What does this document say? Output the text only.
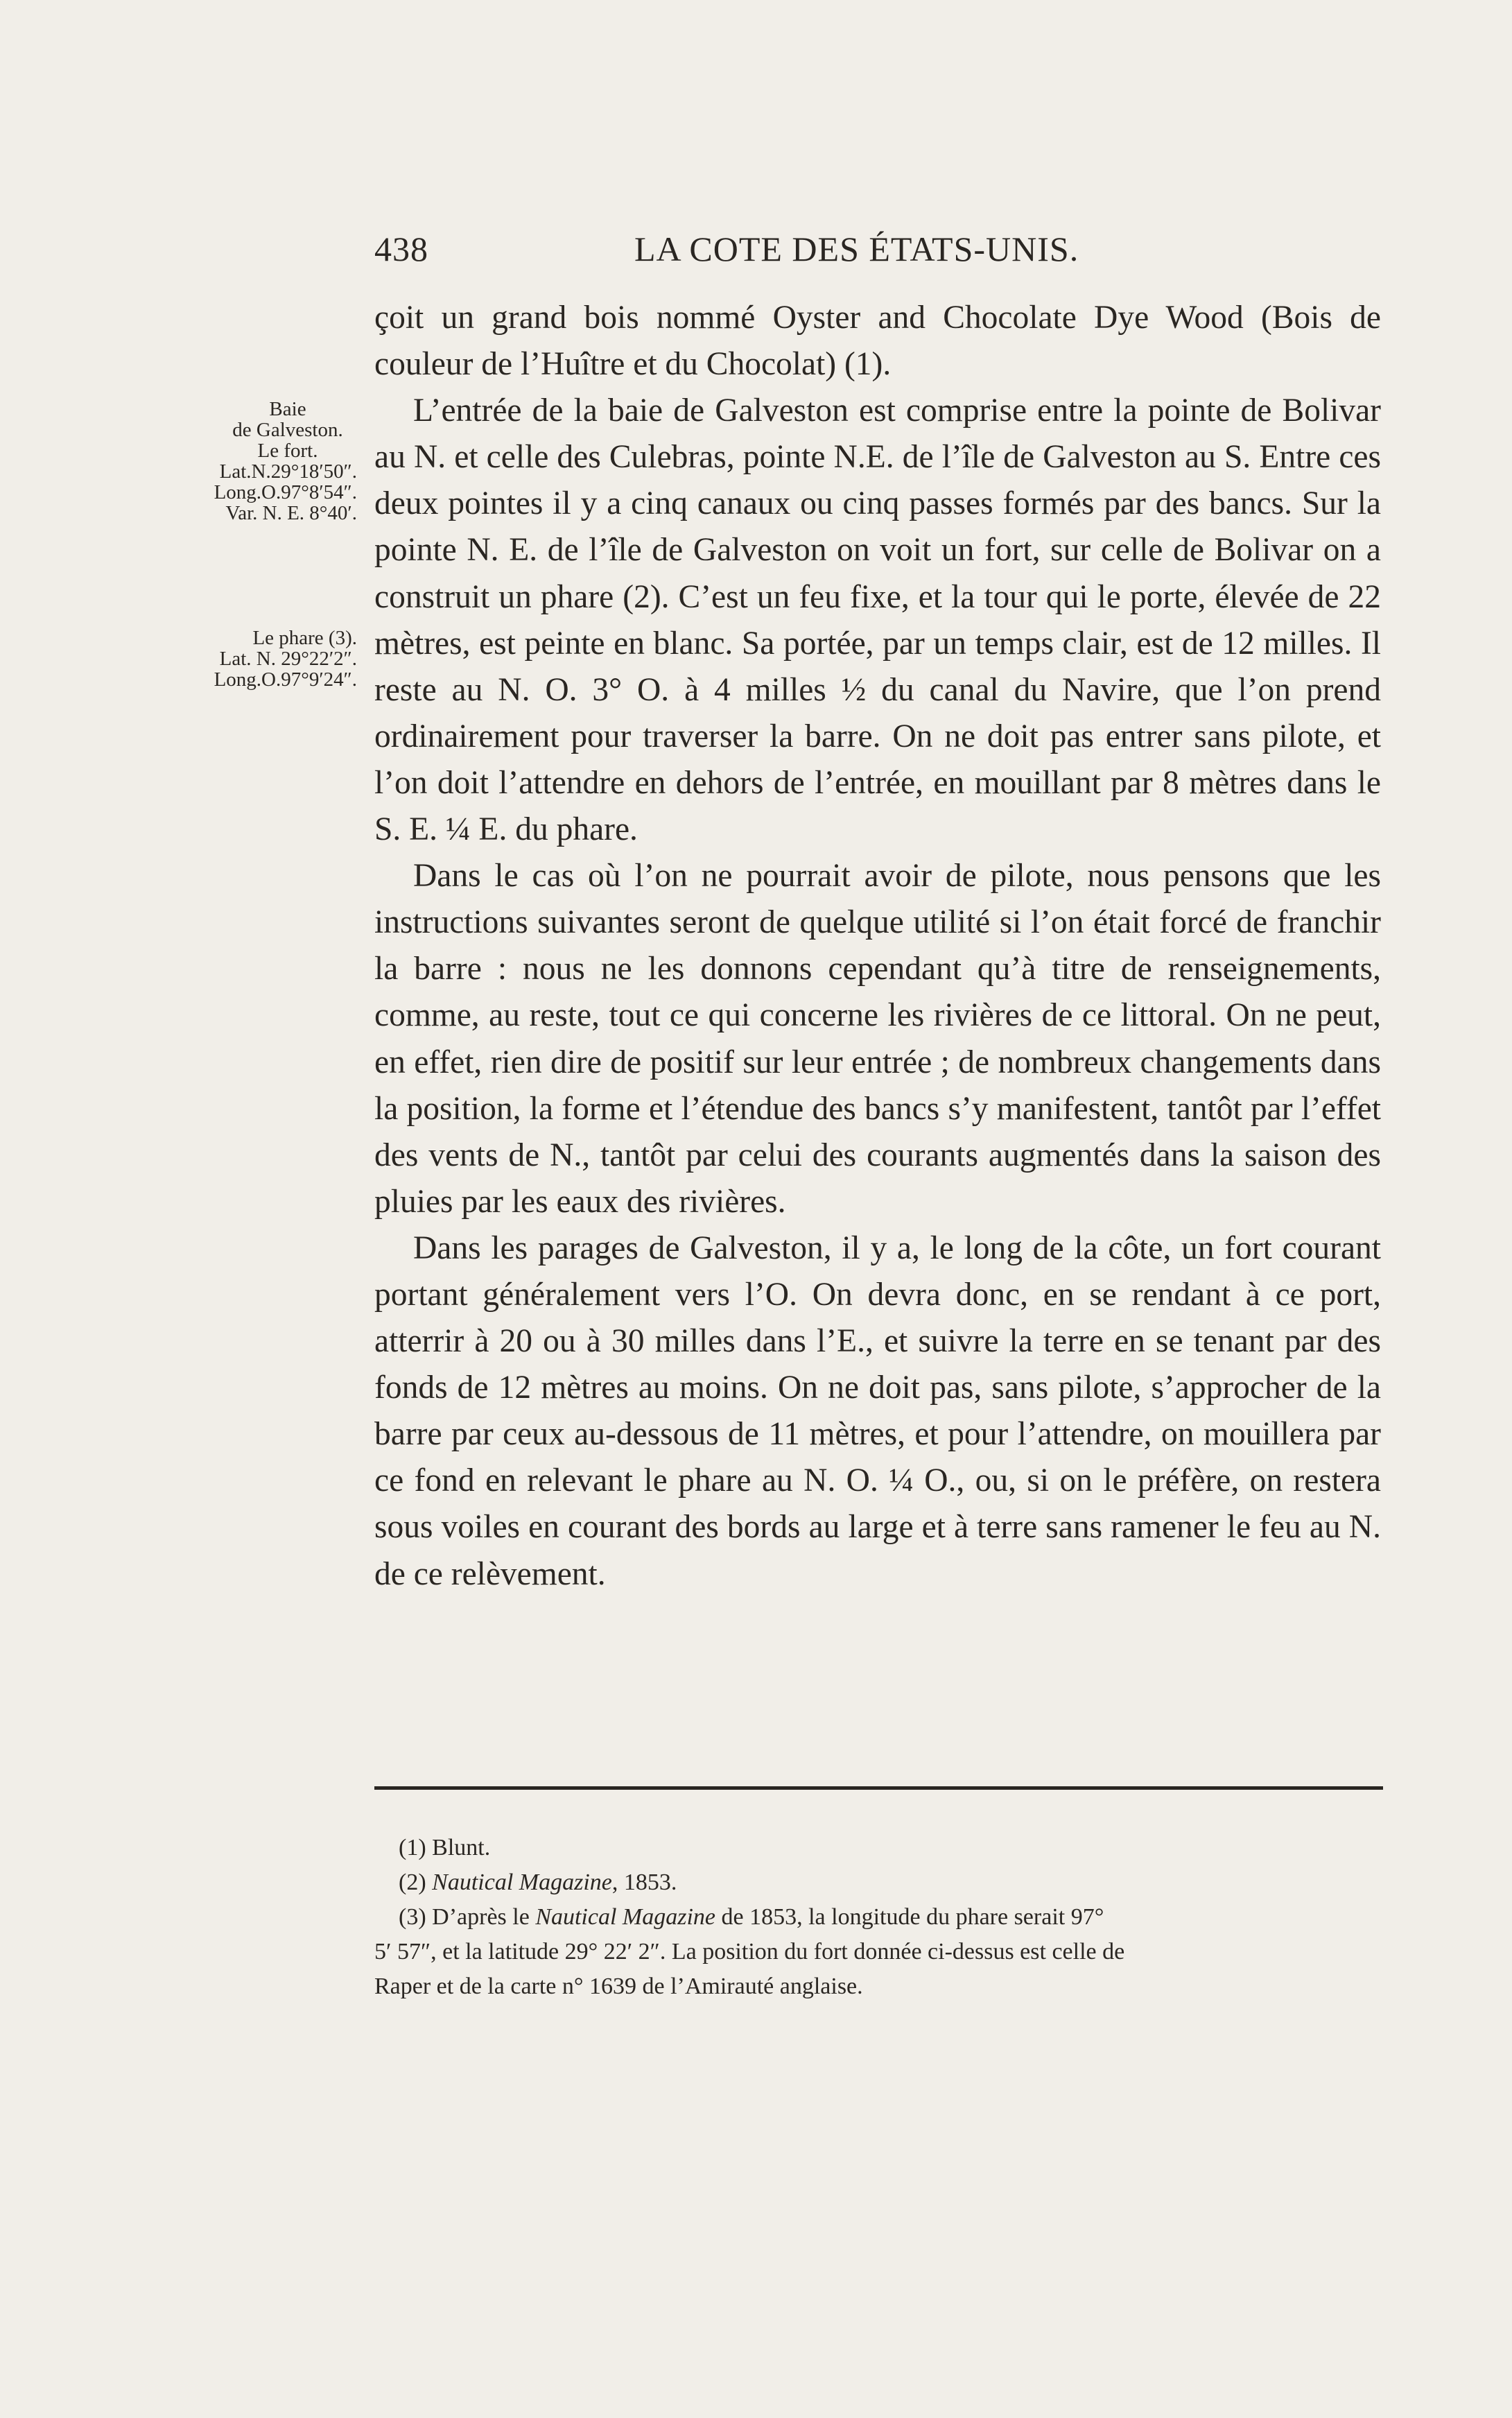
438	LA COTE DES ÉTATS-UNIS.
Baie
de Galveston.
Le fort.
Lat.N.29°18′50″.
Long.O.97°8′54″.
Var. N. E. 8°40′.
Le phare (3).
Lat. N. 29°22′2″.
Long.O.97°9′24″.

çoit un grand bois nommé Oyster and Chocolate Dye Wood (Bois de couleur de l’Huître et du Chocolat) (1).

L’entrée de la baie de Galveston est comprise entre la pointe de Bolivar au N. et celle des Culebras, pointe N.E. de l’île de Galveston au S. Entre ces deux pointes il y a cinq canaux ou cinq passes formés par des bancs. Sur la pointe N. E. de l’île de Galveston on voit un fort, sur celle de Bolivar on a construit un phare (2). C’est un feu fixe, et la tour qui le porte, élevée de 22 mètres, est peinte en blanc. Sa portée, par un temps clair, est de 12 milles. Il reste au N. O. 3° O. à 4 milles ½ du canal du Navire, que l’on prend ordinairement pour traverser la barre. On ne doit pas entrer sans pilote, et l’on doit l’attendre en dehors de l’entrée, en mouillant par 8 mètres dans le S. E. ¼ E. du phare.

Dans le cas où l’on ne pourrait avoir de pilote, nous pensons que les instructions suivantes seront de quelque utilité si l’on était forcé de franchir la barre : nous ne les donnons cependant qu’à titre de renseignements, comme, au reste, tout ce qui concerne les rivières de ce littoral. On ne peut, en effet, rien dire de positif sur leur entrée ; de nombreux changements dans la position, la forme et l’étendue des bancs s’y manifestent, tantôt par l’effet des vents de N., tantôt par celui des courants augmentés dans la saison des pluies par les eaux des rivières.

Dans les parages de Galveston, il y a, le long de la côte, un fort courant portant généralement vers l’O. On devra donc, en se rendant à ce port, atterrir à 20 ou à 30 milles dans l’E., et suivre la terre en se tenant par des fonds de 12 mètres au moins. On ne doit pas, sans pilote, s’approcher de la barre par ceux au-dessous de 11 mètres, et pour l’attendre, on mouillera par ce fond en relevant le phare au N. O. ¼ O., ou, si on le préfère, on restera sous voiles en courant des bords au large et à terre sans ramener le feu au N. de ce relèvement.

(1) Blunt.

(2) Nautical Magazine, 1853.

(3) D’après le Nautical Magazine de 1853, la longitude du phare serait 97°

5′ 57″, et la latitude 29° 22′ 2″. La position du fort donnée ci-dessus est celle de

Raper et de la carte n° 1639 de l’Amirauté anglaise.
